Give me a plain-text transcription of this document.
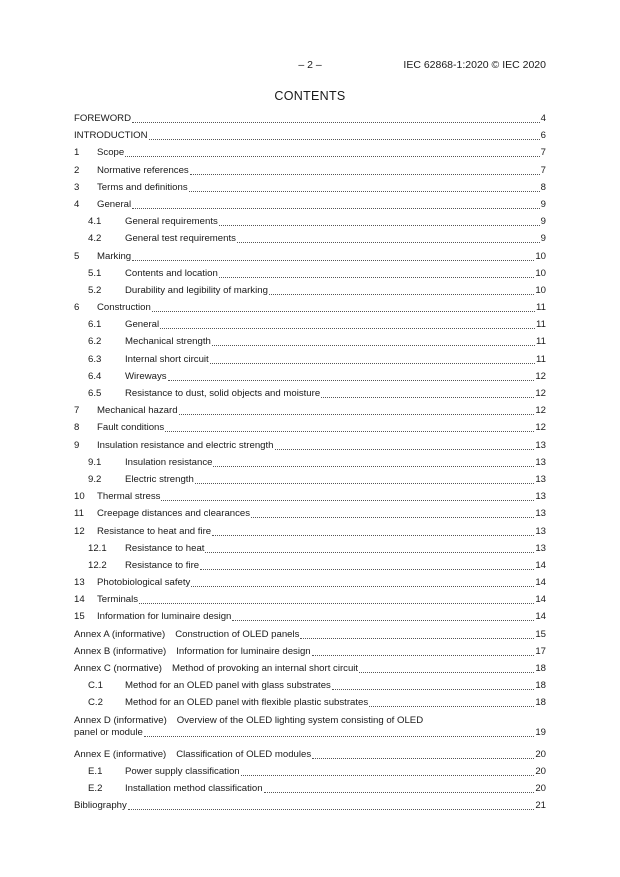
– 2 –	IEC 62868-1:2020 © IEC 2020
CONTENTS
FOREWORD	4
INTRODUCTION	6
1	Scope	7
2	Normative references	7
3	Terms and definitions	8
4	General	9
4.1	General requirements	9
4.2	General test requirements	9
5	Marking	10
5.1	Contents and location	10
5.2	Durability and legibility of marking	10
6	Construction	11
6.1	General	11
6.2	Mechanical strength	11
6.3	Internal short circuit	11
6.4	Wireways	12
6.5	Resistance to dust, solid objects and moisture	12
7	Mechanical hazard	12
8	Fault conditions	12
9	Insulation resistance and electric strength	13
9.1	Insulation resistance	13
9.2	Electric strength	13
10	Thermal stress	13
11	Creepage distances and clearances	13
12	Resistance to heat and fire	13
12.1	Resistance to heat	13
12.2	Resistance to fire	14
13	Photobiological safety	14
14	Terminals	14
15	Information for luminaire design	14
Annex A (informative) Construction of OLED panels	15
Annex B (informative) Information for luminaire design	17
Annex C (normative) Method of provoking an internal short circuit	18
C.1	Method for an OLED panel with glass substrates	18
C.2	Method for an OLED panel with flexible plastic substrates	18
Annex D (informative) Overview of the OLED lighting system consisting of OLED
panel or module	19
Annex E (informative) Classification of OLED modules	20
E.1	Power supply classification	20
E.2	Installation method classification	20
Bibliography	21
